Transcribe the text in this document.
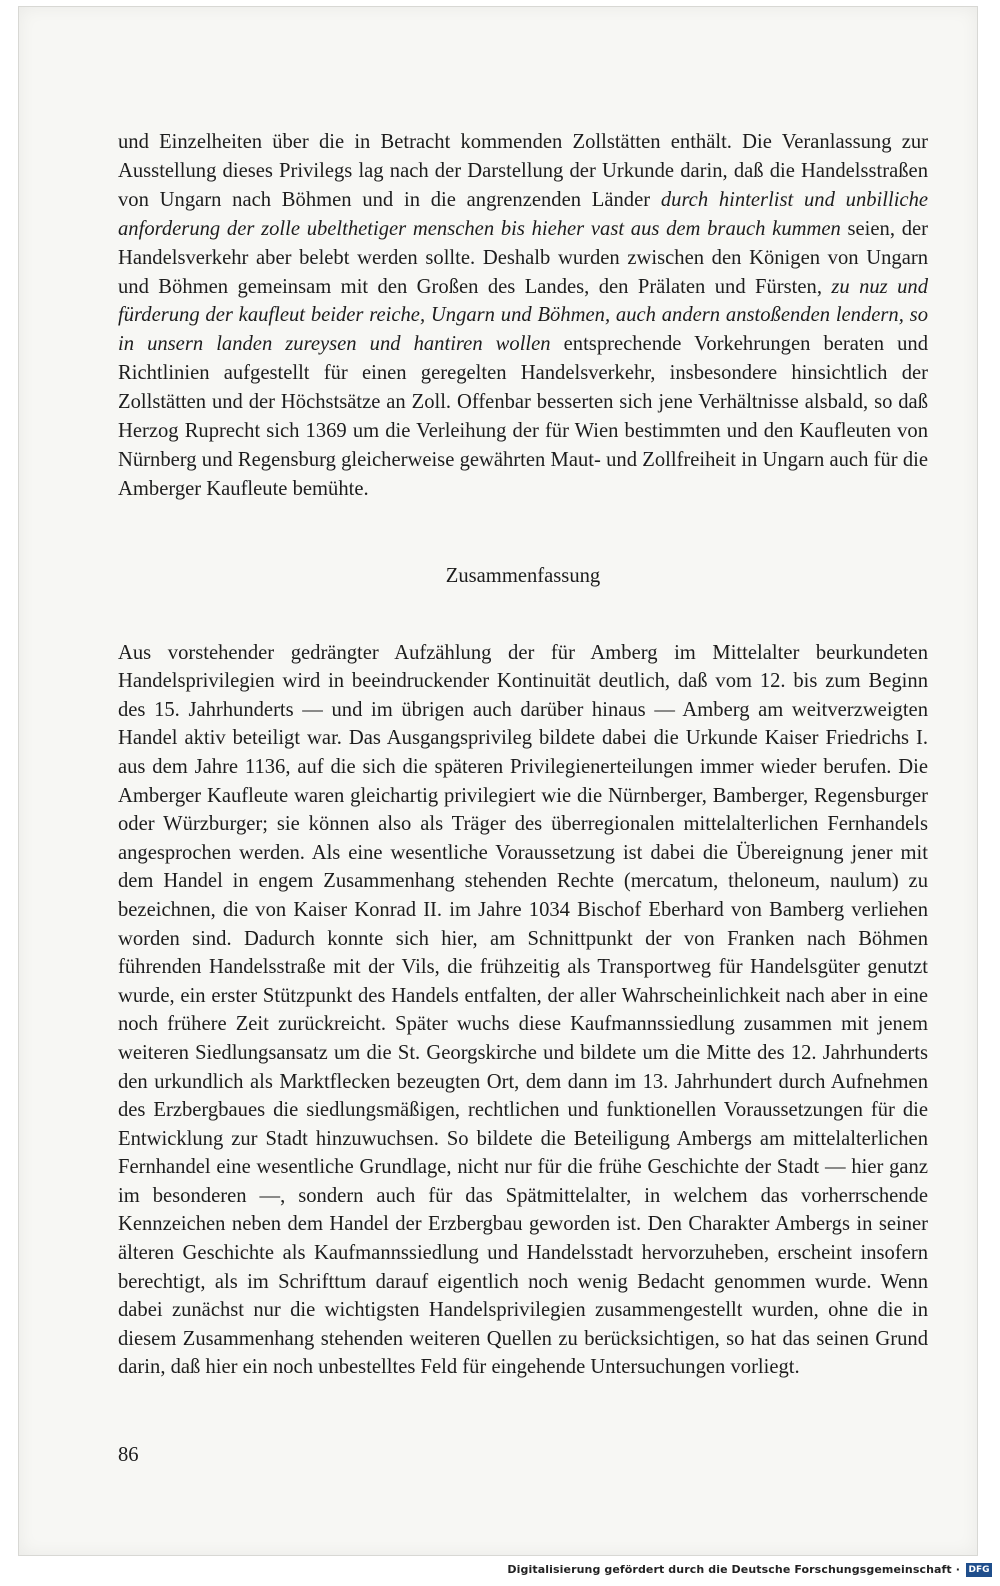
und Einzelheiten über die in Betracht kommenden Zollstätten enthält. Die Veranlassung zur Ausstellung dieses Privilegs lag nach der Darstellung der Urkunde darin, daß die Handelsstraßen von Ungarn nach Böhmen und in die angrenzenden Länder durch hinterlist und unbilliche anforderung der zolle ubelthetiger menschen bis hieher vast aus dem brauch kummen seien, der Handelsverkehr aber belebt werden sollte. Deshalb wurden zwischen den Königen von Ungarn und Böhmen gemeinsam mit den Großen des Landes, den Prälaten und Fürsten, zu nuz und fürderung der kaufleut beider reiche, Ungarn und Böhmen, auch andern anstoßenden lendern, so in unsern landen zureysen und hantiren wollen entsprechende Vorkehrungen beraten und Richtlinien aufgestellt für einen geregelten Handelsverkehr, insbesondere hinsichtlich der Zollstätten und der Höchstsätze an Zoll. Offenbar besserten sich jene Verhältnisse alsbald, so daß Herzog Ruprecht sich 1369 um die Verleihung der für Wien bestimmten und den Kaufleuten von Nürnberg und Regensburg gleicherweise gewährten Maut- und Zollfreiheit in Ungarn auch für die Amberger Kaufleute bemühte.

Zusammenfassung

Aus vorstehender gedrängter Aufzählung der für Amberg im Mittelalter beurkundeten Handelsprivilegien wird in beeindruckender Kontinuität deutlich, daß vom 12. bis zum Beginn des 15. Jahrhunderts — und im übrigen auch darüber hinaus — Amberg am weitverzweigten Handel aktiv beteiligt war. Das Ausgangsprivileg bildete dabei die Urkunde Kaiser Friedrichs I. aus dem Jahre 1136, auf die sich die späteren Privilegienerteilungen immer wieder berufen. Die Amberger Kaufleute waren gleichartig privilegiert wie die Nürnberger, Bamberger, Regensburger oder Würzburger; sie können also als Träger des überregionalen mittelalterlichen Fernhandels angesprochen werden. Als eine wesentliche Voraussetzung ist dabei die Übereignung jener mit dem Handel in engem Zusammenhang stehenden Rechte (mercatum, theloneum, naulum) zu bezeichnen, die von Kaiser Konrad II. im Jahre 1034 Bischof Eberhard von Bamberg verliehen worden sind. Dadurch konnte sich hier, am Schnittpunkt der von Franken nach Böhmen führenden Handelsstraße mit der Vils, die frühzeitig als Transportweg für Handelsgüter genutzt wurde, ein erster Stützpunkt des Handels entfalten, der aller Wahrscheinlichkeit nach aber in eine noch frühere Zeit zurückreicht. Später wuchs diese Kaufmannssiedlung zusammen mit jenem weiteren Siedlungsansatz um die St. Georgskirche und bildete um die Mitte des 12. Jahrhunderts den urkundlich als Marktflecken bezeugten Ort, dem dann im 13. Jahrhundert durch Aufnehmen des Erzbergbaues die siedlungsmäßigen, rechtlichen und funktionellen Voraussetzungen für die Entwicklung zur Stadt hinzuwuchsen. So bildete die Beteiligung Ambergs am mittelalterlichen Fernhandel eine wesentliche Grundlage, nicht nur für die frühe Geschichte der Stadt — hier ganz im besonderen —, sondern auch für das Spätmittelalter, in welchem das vorherrschende Kennzeichen neben dem Handel der Erzbergbau geworden ist. Den Charakter Ambergs in seiner älteren Geschichte als Kaufmannssiedlung und Handelsstadt hervorzuheben, erscheint insofern berechtigt, als im Schrifttum darauf eigentlich noch wenig Bedacht genommen wurde. Wenn dabei zunächst nur die wichtigsten Handelsprivilegien zusammengestellt wurden, ohne die in diesem Zusammenhang stehenden weiteren Quellen zu berücksichtigen, so hat das seinen Grund darin, daß hier ein noch unbestelltes Feld für eingehende Untersuchungen vorliegt.

86
Digitalisierung gefördert durch die Deutsche Forschungsgemeinschaft · DFG
